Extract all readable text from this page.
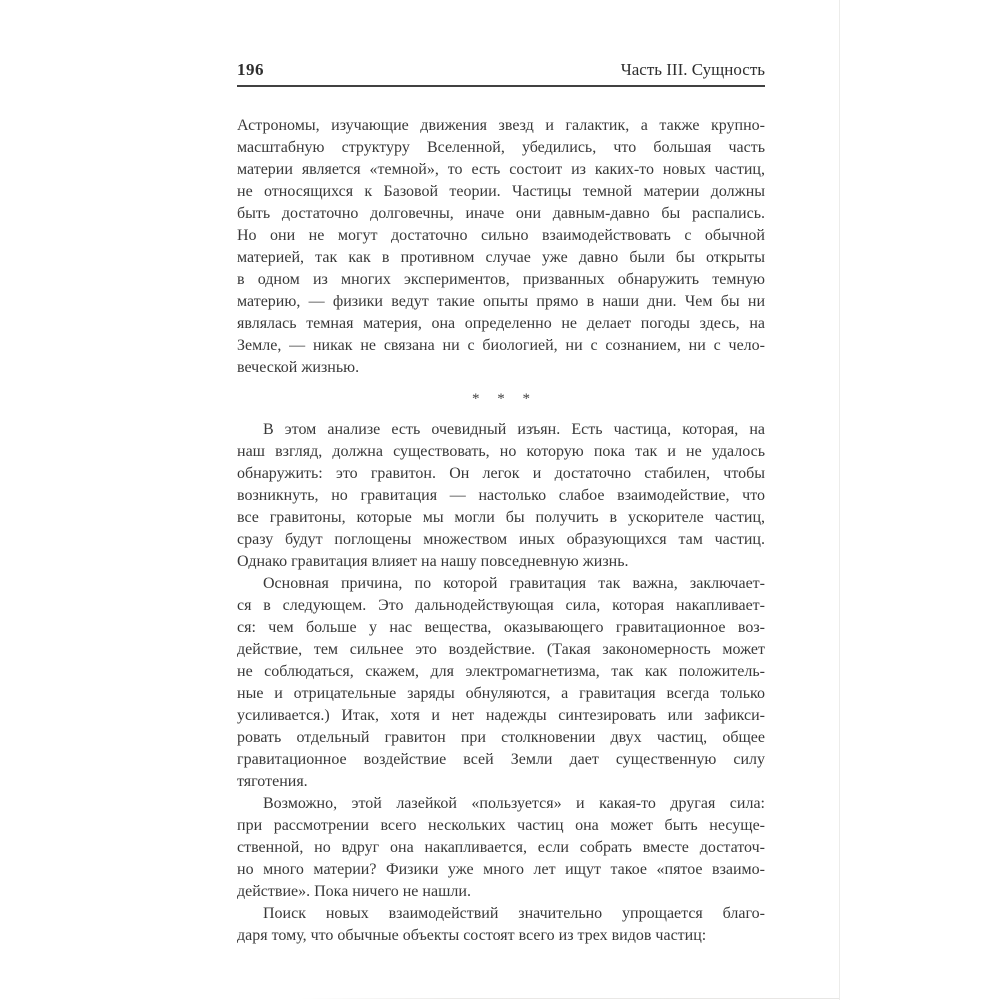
196	Часть III. Сущность
Астрономы, изучающие движения звезд и галактик, а также крупно-
масштабную структуру Вселенной, убедились, что большая часть
материи является «темной», то есть состоит из каких-то новых частиц,
не относящихся к Базовой теории. Частицы темной материи должны
быть достаточно долговечны, иначе они давным-давно бы распались.
Но они не могут достаточно сильно взаимодействовать с обычной
материей, так как в противном случае уже давно были бы открыты
в одном из многих экспериментов, призванных обнаружить темную
материю, — физики ведут такие опыты прямо в наши дни. Чем бы ни
являлась темная материя, она определенно не делает погоды здесь, на
Земле, — никак не связана ни с биологией, ни с сознанием, ни с чело-
веческой жизнью.
* * *
В этом анализе есть очевидный изъян. Есть частица, которая, на
наш взгляд, должна существовать, но которую пока так и не удалось
обнаружить: это гравитон. Он легок и достаточно стабилен, чтобы
возникнуть, но гравитация — настолько слабое взаимодействие, что
все гравитоны, которые мы могли бы получить в ускорителе частиц,
сразу будут поглощены множеством иных образующихся там частиц.
Однако гравитация влияет на нашу повседневную жизнь.
Основная причина, по которой гравитация так важна, заключает-
ся в следующем. Это дальнодействующая сила, которая накапливает-
ся: чем больше у нас вещества, оказывающего гравитационное воз-
действие, тем сильнее это воздействие. (Такая закономерность может
не соблюдаться, скажем, для электромагнетизма, так как положитель-
ные и отрицательные заряды обнуляются, а гравитация всегда только
усиливается.) Итак, хотя и нет надежды синтезировать или зафикси-
ровать отдельный гравитон при столкновении двух частиц, общее
гравитационное воздействие всей Земли дает существенную силу
тяготения.
Возможно, этой лазейкой «пользуется» и какая-то другая сила:
при рассмотрении всего нескольких частиц она может быть несуще-
ственной, но вдруг она накапливается, если собрать вместе достаточ-
но много материи? Физики уже много лет ищут такое «пятое взаимо-
действие». Пока ничего не нашли.
Поиск новых взаимодействий значительно упрощается благо-
даря тому, что обычные объекты состоят всего из трех видов частиц:
